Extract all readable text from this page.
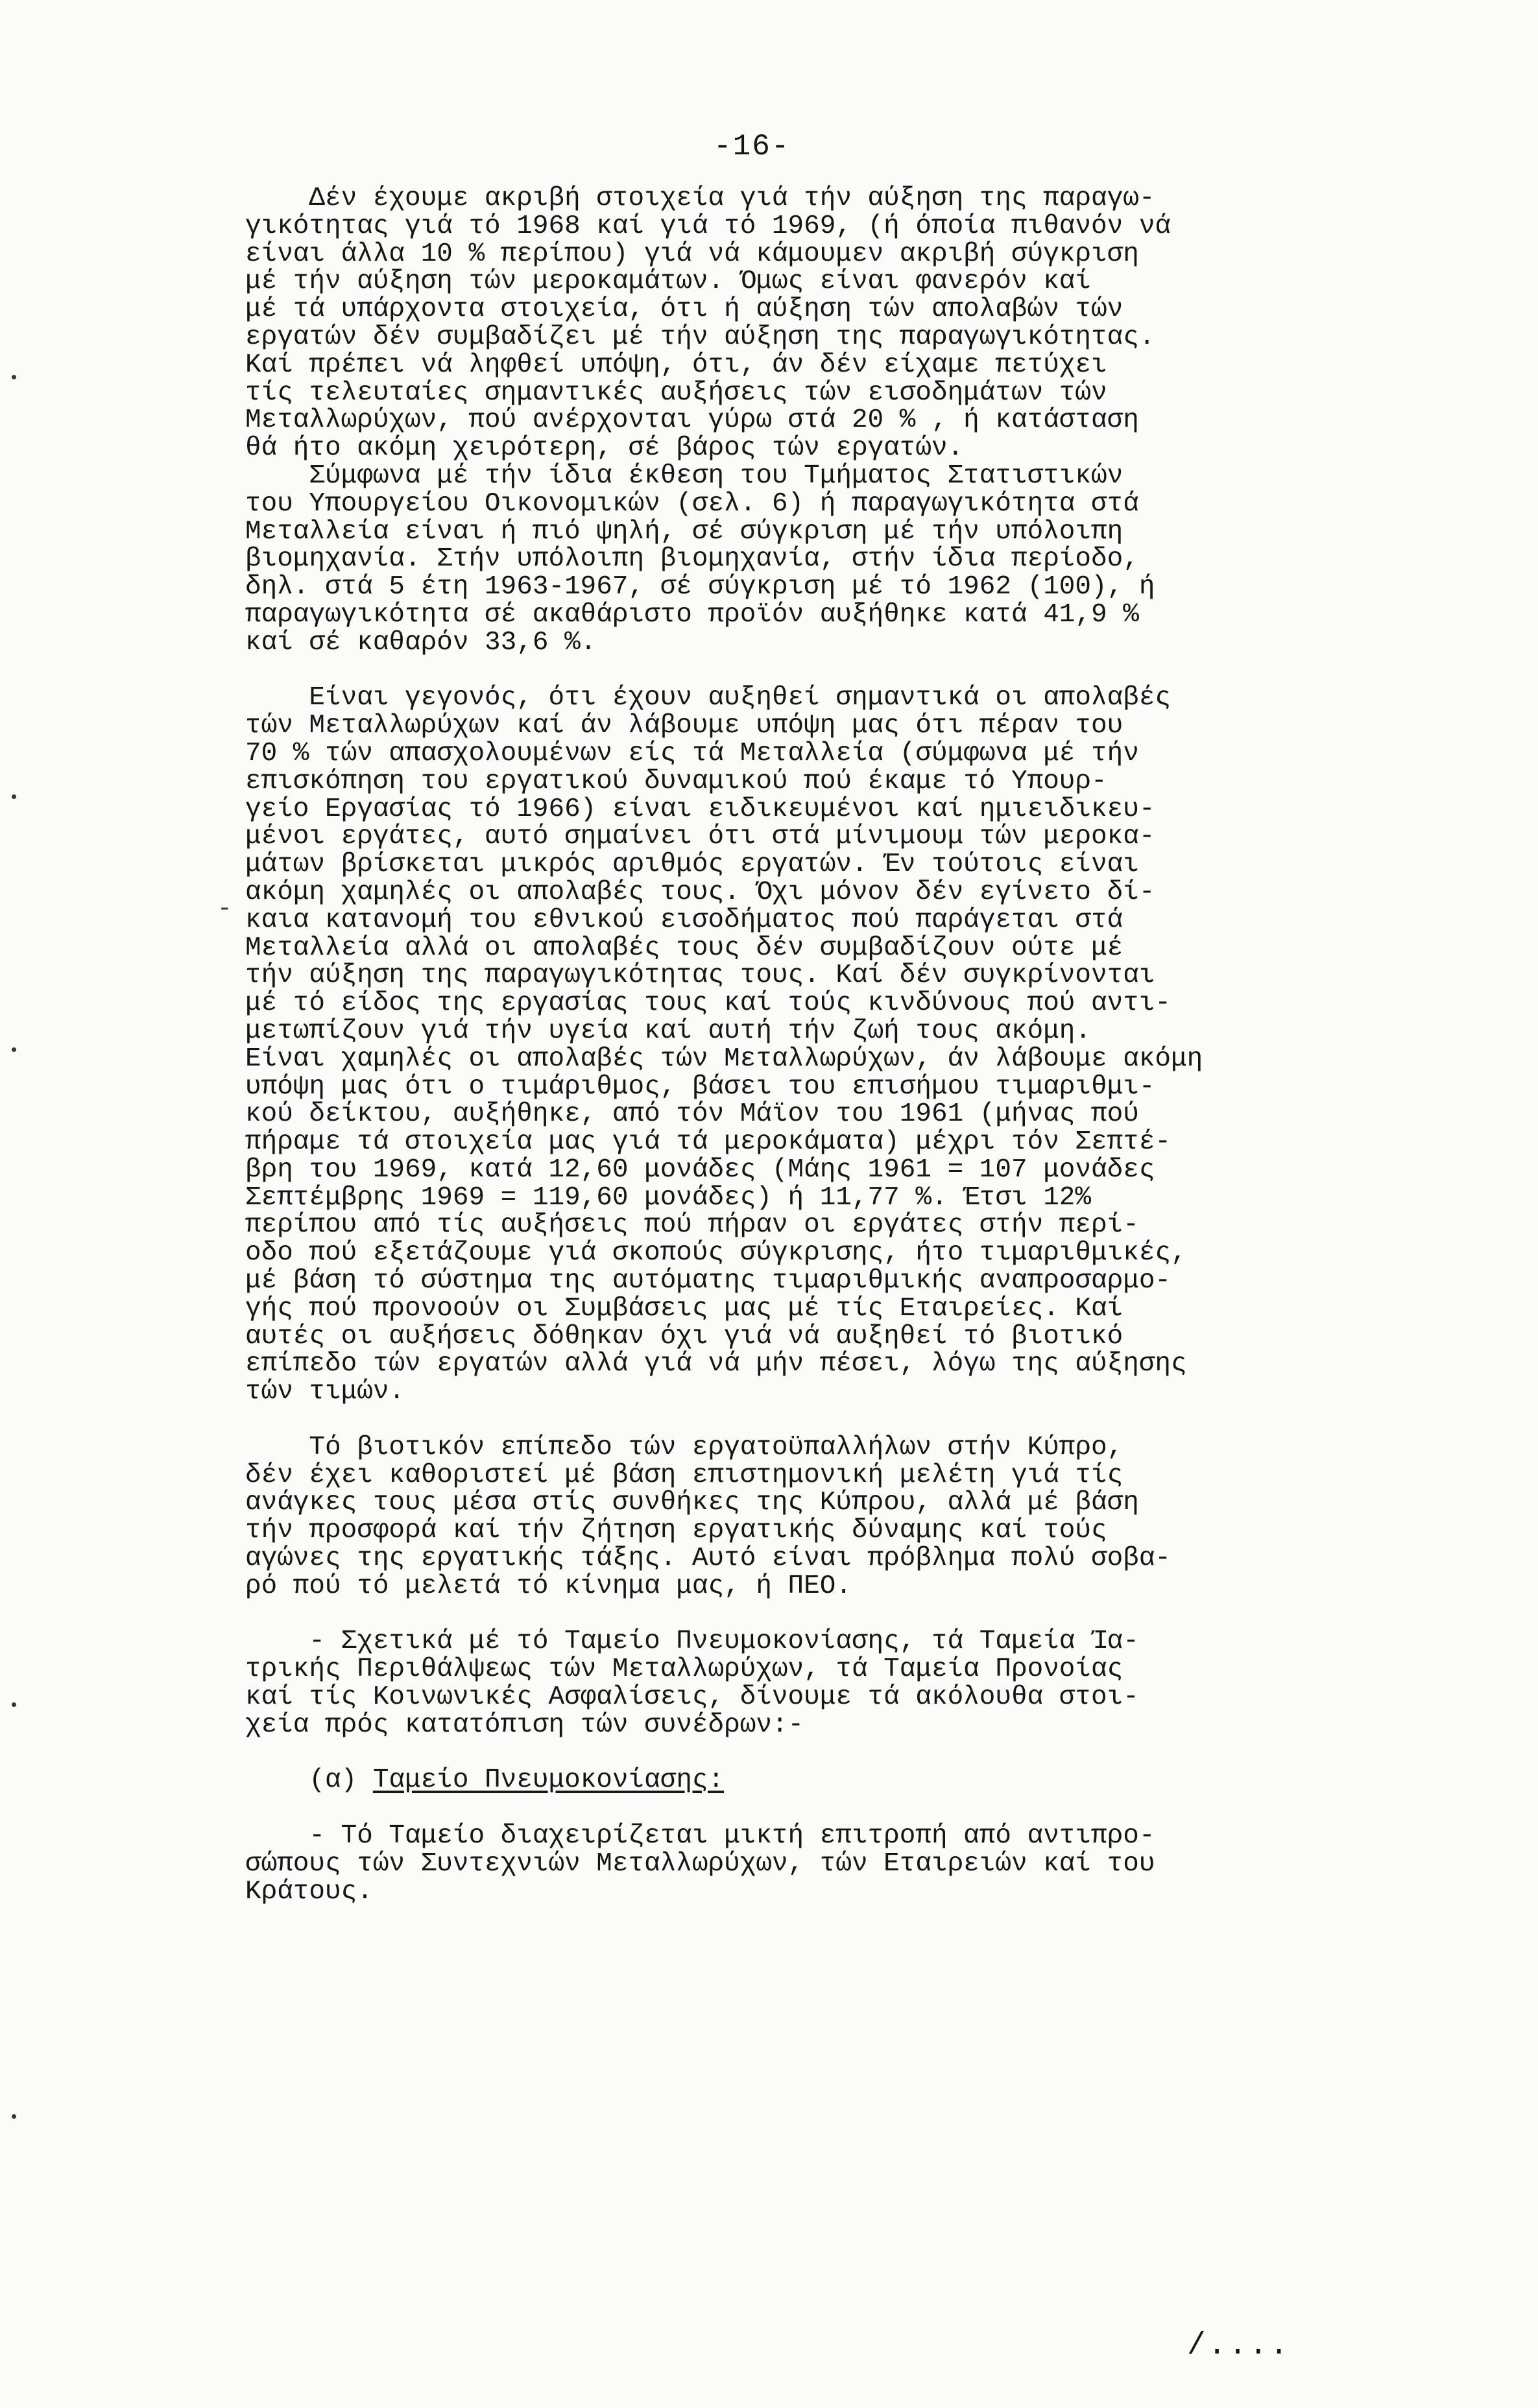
-16-
Δέν έχουμε ακριβή στοιχεία γιά τήν αύξηση της παραγω-
γικότητας γιά τό 1968 καί γιά τό 1969, (ή όποία πιθανόν νά
είναι άλλα 10 % περίπου) γιά νά κάμουμεν ακριβή σύγκριση
μέ τήν αύξηση τών μεροκαμάτων. Όμως είναι φανερόν καί
μέ τά υπάρχοντα στοιχεία, ότι ή αύξηση τών απολαβών τών
εργατών δέν συμβαδίζει μέ τήν αύξηση της παραγωγικότητας.
Καί πρέπει νά ληφθεί υπόψη, ότι, άν δέν είχαμε πετύχει
τίς τελευταίες σημαντικές αυξήσεις τών εισοδημάτων τών
Μεταλλωρύχων, πού ανέρχονται γύρω στά 20 % , ή κατάσταση
θά ήτο ακόμη χειρότερη, σέ βάρος τών εργατών.
Σύμφωνα μέ τήν ίδια έκθεση του Τμήματος Στατιστικών
του Υπουργείου Οικονομικών (σελ. 6) ή παραγωγικότητα στά
Μεταλλεία είναι ή πιό ψηλή, σέ σύγκριση μέ τήν υπόλοιπη
βιομηχανία. Στήν υπόλοιπη βιομηχανία, στήν ίδια περίοδο,
δηλ. στά 5 έτη 1963-1967, σέ σύγκριση μέ τό 1962 (100), ή
παραγωγικότητα σέ ακαθάριστο προϊόν αυξήθηκε κατά 41,9 %
καί σέ καθαρόν 33,6 %.
Είναι γεγονός, ότι έχουν αυξηθεί σημαντικά οι απολαβές
τών Μεταλλωρύχων καί άν λάβουμε υπόψη μας ότι πέραν του
70 % τών απασχολουμένων είς τά Μεταλλεία (σύμφωνα μέ τήν
επισκόπηση του εργατικού δυναμικού πού έκαμε τό Υπουρ-
γείο Εργασίας τό 1966) είναι ειδικευμένοι καί ημιειδικευ-
μένοι εργάτες, αυτό σημαίνει ότι στά μίνιμουμ τών μεροκα-
μάτων βρίσκεται μικρός αριθμός εργατών. Έν τούτοις είναι
ακόμη χαμηλές οι απολαβές τους. Όχι μόνον δέν εγίνετο δί-
καια κατανομή του εθνικού εισοδήματος πού παράγεται στά
Μεταλλεία αλλά οι απολαβές τους δέν συμβαδίζουν ούτε μέ
τήν αύξηση της παραγωγικότητας τους. Καί δέν συγκρίνονται
μέ τό είδος της εργασίας τους καί τούς κινδύνους πού αντι-
μετωπίζουν γιά τήν υγεία καί αυτή τήν ζωή τους ακόμη.
Είναι χαμηλές οι απολαβές τών Μεταλλωρύχων, άν λάβουμε ακόμη
υπόψη μας ότι ο τιμάριθμος, βάσει του επισήμου τιμαριθμι-
κού δείκτου, αυξήθηκε, από τόν Μάϊον του 1961 (μήνας πού
πήραμε τά στοιχεία μας γιά τά μεροκάματα) μέχρι τόν Σεπτέ-
βρη του 1969, κατά 12,60 μονάδες (Μάης 1961 = 107 μονάδες
Σεπτέμβρης 1969 = 119,60 μονάδες) ή 11,77 %. Έτσι 12%
περίπου από τίς αυξήσεις πού πήραν οι εργάτες στήν περί-
οδο πού εξετάζουμε γιά σκοπούς σύγκρισης, ήτο τιμαριθμικές,
μέ βάση τό σύστημα της αυτόματης τιμαριθμικής αναπροσαρμο-
γής πού προνοούν οι Συμβάσεις μας μέ τίς Εταιρείες. Καί
αυτές οι αυξήσεις δόθηκαν όχι γιά νά αυξηθεί τό βιοτικό
επίπεδο τών εργατών αλλά γιά νά μήν πέσει, λόγω της αύξησης
τών τιμών.
Τό βιοτικόν επίπεδο τών εργατοϋπαλλήλων στήν Κύπρο,
δέν έχει καθοριστεί μέ βάση επιστημονική μελέτη γιά τίς
ανάγκες τους μέσα στίς συνθήκες της Κύπρου, αλλά μέ βάση
τήν προσφορά καί τήν ζήτηση εργατικής δύναμης καί τούς
αγώνες της εργατικής τάξης. Αυτό είναι πρόβλημα πολύ σοβα-
ρό πού τό μελετά τό κίνημα μας, ή ΠΕΟ.
- Σχετικά μέ τό Ταμείο Πνευμοκονίασης, τά Ταμεία Ία-
τρικής Περιθάλψεως τών Μεταλλωρύχων, τά Ταμεία Προνοίας
καί τίς Κοινωνικές Ασφαλίσεις, δίνουμε τά ακόλουθα στοι-
χεία πρός κατατόπιση τών συνέδρων:-
(α) Ταμείο Πνευμοκονίασης:
- Τό Ταμείο διαχειρίζεται μικτή επιτροπή από αντιπρο-
σώπους τών Συντεχνιών Μεταλλωρύχων, τών Εταιρειών καί του
Κράτους.
-
/....
